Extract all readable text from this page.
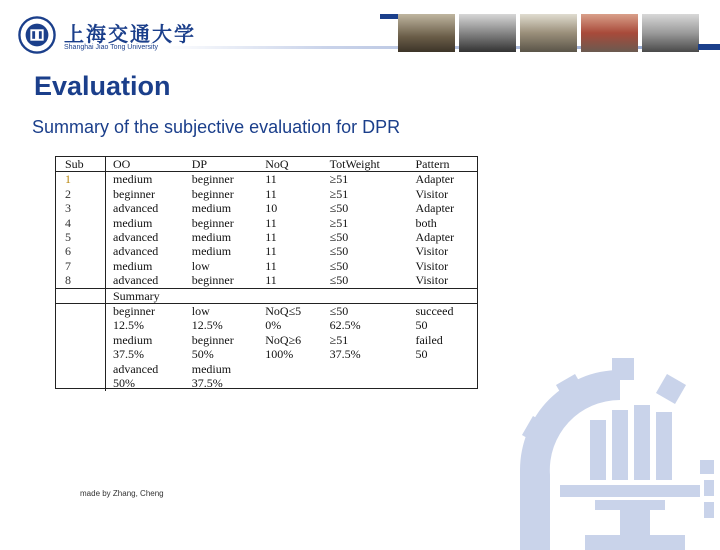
上海交通大学
Shanghai Jiao Tong University
Evaluation
Summary of the subjective evaluation for DPR
Sub	OO	DP	NoQ	TotWeight	Pattern
1	medium	beginner	11	≥51	Adapter
2	beginner	beginner	11	≥51	Visitor
3	advanced	medium	10	≤50	Adapter
4	medium	beginner	11	≥51	both
5	advanced	medium	11	≤50	Adapter
6	advanced	medium	11	≤50	Visitor
7	medium	low	11	≤50	Visitor
8	advanced	beginner	11	≤50	Visitor
	Summary				
	beginner	low	NoQ≤5	≤50	succeed
	12.5%	12.5%	0%	62.5%	50
	medium	beginner	NoQ≥6	≥51	failed
	37.5%	50%	100%	37.5%	50
	advanced	medium			
	50%	37.5%			
made by Zhang, Cheng
